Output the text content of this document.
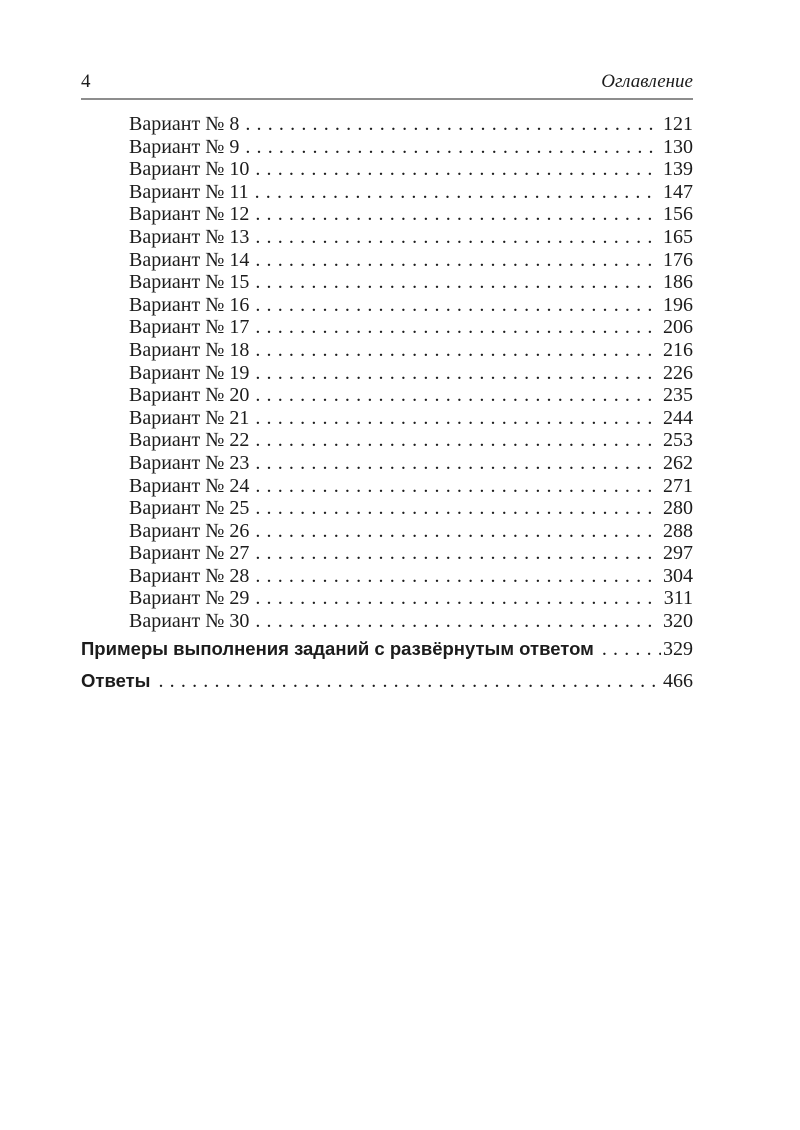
4	Оглавление
Вариант № 8 . . .	121
Вариант № 9 . . .	130
Вариант № 10 . . .	139
Вариант № 11 . . .	147
Вариант № 12 . . .	156
Вариант № 13 . . .	165
Вариант № 14 . . .	176
Вариант № 15 . . .	186
Вариант № 16 . . .	196
Вариант № 17 . . .	206
Вариант № 18 . . .	216
Вариант № 19 . . .	226
Вариант № 20 . . .	235
Вариант № 21 . . .	244
Вариант № 22 . . .	253
Вариант № 23 . . .	262
Вариант № 24 . . .	271
Вариант № 25 . . .	280
Вариант № 26 . . .	288
Вариант № 27 . . .	297
Вариант № 28 . . .	304
Вариант № 29 . . .	311
Вариант № 30 . . .	320
Примеры выполнения заданий с развёрнутым ответом . . .	329
Ответы . . .	466
